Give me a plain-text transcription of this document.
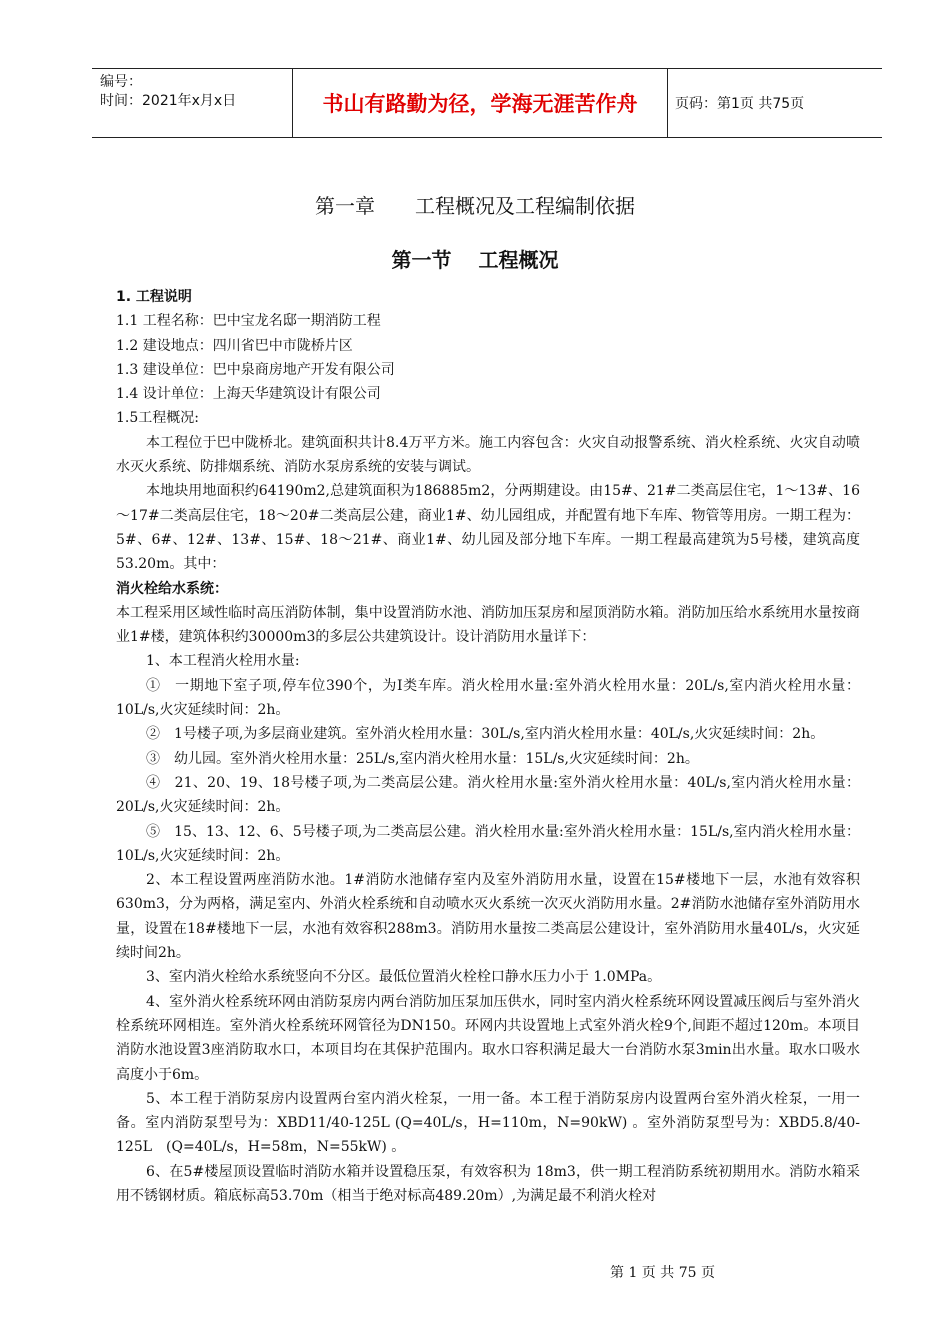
编号：
时间：2021年x月x日	书山有路勤为径，学海无涯苦作舟	页码：第1页 共75页
第一章　　工程概况及工程编制依据
第一节　 工程概况

1. 工程说明

1.1 工程名称：巴中宝龙名邸一期消防工程

1.2 建设地点：四川省巴中市陇桥片区

1.3 建设单位：巴中泉商房地产开发有限公司

1.4 设计单位：上海天华建筑设计有限公司

1.5工程概况:

本工程位于巴中陇桥北。建筑面积共计8.4万平方米。施工内容包含：火灾自动报警系统、消火栓系统、火灾自动喷水灭火系统、防排烟系统、消防水泵房系统的安装与调试。

本地块用地面积约64190m2,总建筑面积为186885m2，分两期建设。由15#、21#二类高层住宅，1～13#、16～17#二类高层住宅，18～20#二类高层公建，商业1#、幼儿园组成，并配置有地下车库、物管等用房。一期工程为：5#、6#、12#、13#、15#、18～21#、商业1#、幼儿园及部分地下车库。一期工程最高建筑为5号楼，建筑高度53.20m。其中：

消火栓给水系统：

本工程采用区域性临时高压消防体制，集中设置消防水池、消防加压泵房和屋顶消防水箱。消防加压给水系统用水量按商业1#楼，建筑体积约30000m3的多层公共建筑设计。设计消防用水量详下：

1、本工程消火栓用水量:

①　一期地下室子项,停车位390个，为Ⅰ类车库。消火栓用水量:室外消火栓用水量：20L/s,室内消火栓用水量：10L/s,火灾延续时间：2h。

②　1号楼子项,为多层商业建筑。室外消火栓用水量：30L/s,室内消火栓用水量：40L/s,火灾延续时间：2h。

③　幼儿园。室外消火栓用水量：25L/s,室内消火栓用水量：15L/s,火灾延续时间：2h。

④　21、20、19、18号楼子项,为二类高层公建。消火栓用水量:室外消火栓用水量：40L/s,室内消火栓用水量：20L/s,火灾延续时间：2h。

⑤　15、13、12、6、5号楼子项,为二类高层公建。消火栓用水量:室外消火栓用水量：15L/s,室内消火栓用水量：10L/s,火灾延续时间：2h。

2、本工程设置两座消防水池。1#消防水池储存室内及室外消防用水量，设置在15#楼地下一层，水池有效容积630m3，分为两格，满足室内、外消火栓系统和自动喷水灭火系统一次灭火消防用水量。2#消防水池储存室外消防用水量，设置在18#楼地下一层，水池有效容积288m3。消防用水量按二类高层公建设计，室外消防用水量40L/s，火灾延续时间2h。

3、室内消火栓给水系统竖向不分区。最低位置消火栓栓口静水压力小于 1.0MPa。

4、室外消火栓系统环网由消防泵房内两台消防加压泵加压供水，同时室内消火栓系统环网设置减压阀后与室外消火栓系统环网相连。室外消火栓系统环网管径为DN150。环网内共设置地上式室外消火栓9个,间距不超过120m。本项目消防水池设置3座消防取水口，本项目均在其保护范围内。取水口容积满足最大一台消防水泵3min出水量。取水口吸水高度小于6m。

5、本工程于消防泵房内设置两台室内消火栓泵，一用一备。本工程于消防泵房内设置两台室外消火栓泵，一用一备。室内消防泵型号为：XBD11/40-125L (Q=40L/s，H=110m，N=90kW) 。室外消防泵型号为：XBD5.8/40-125L　(Q=40L/s，H=58m，N=55kW) 。

6、在5#楼屋顶设置临时消防水箱并设置稳压泵，有效容积为 18m3，供一期工程消防系统初期用水。消防水箱采用不锈钢材质。箱底标高53.70m（相当于绝对标高489.20m）,为满足最不利消火栓对

第 1 页 共 75 页
